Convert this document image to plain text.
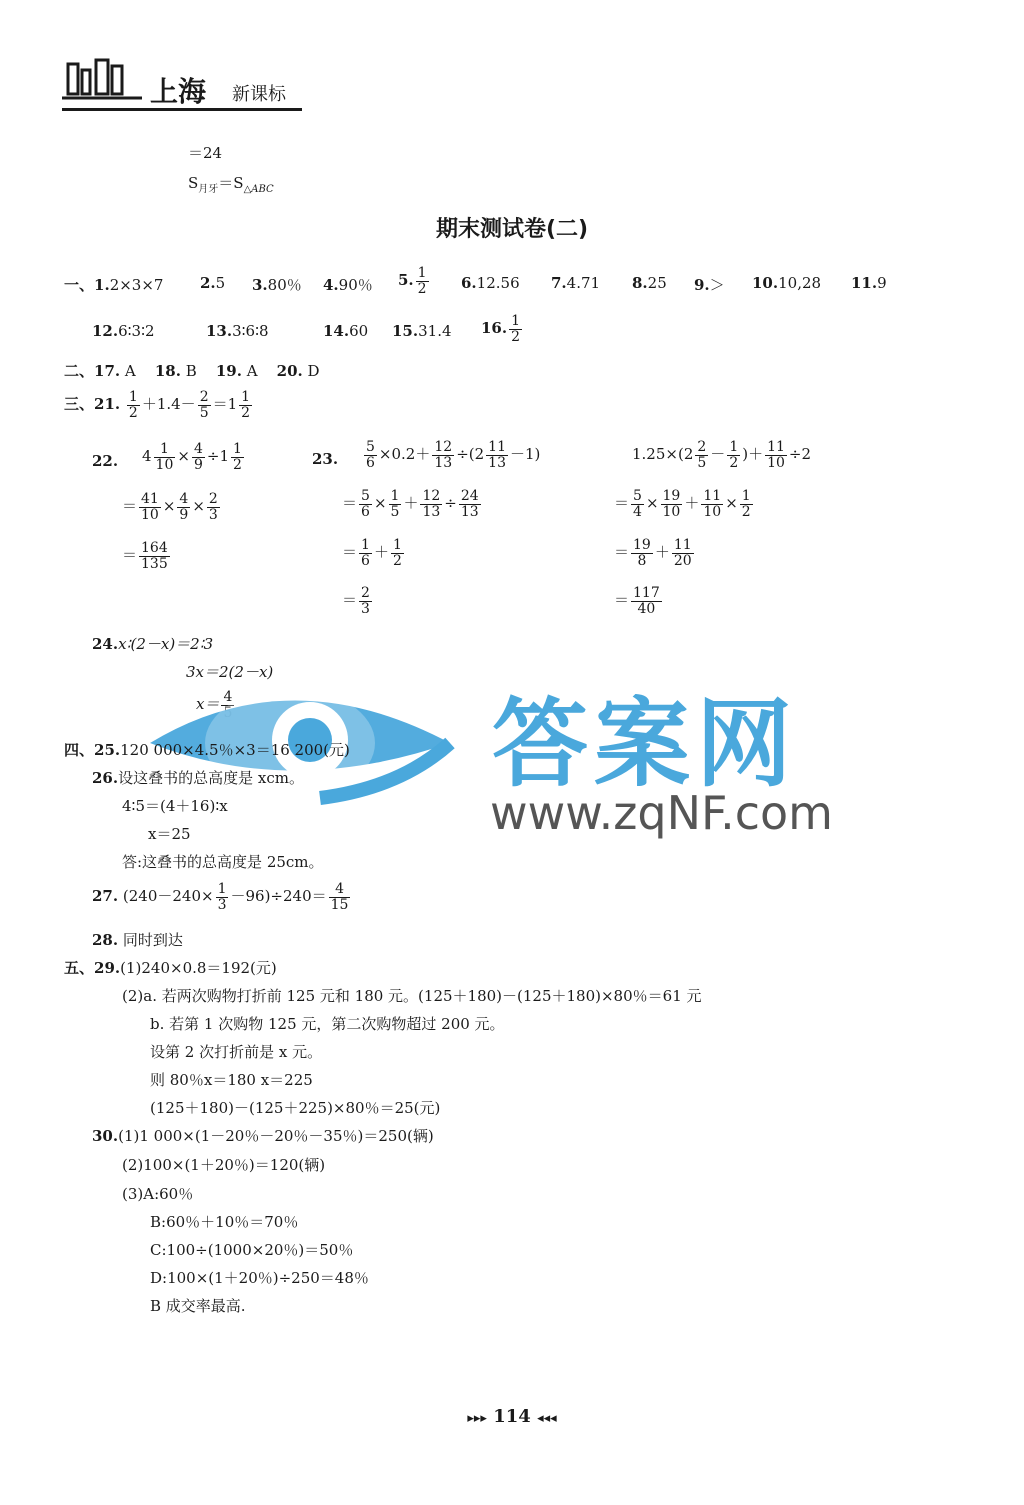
上海 新课标
＝24
$S_{月牙}=S_{\triangle ABC}$
期末测试卷(二)
一、1.2×3×7 2.5 3.80％ 4.90％ 5. $\frac{1}{2} 6.12.56$ 7.4.71 8.25 9.＞ 10.10,28 11.9
12.6∶3∶2	13.3∶6∶8	14.60 15.31.4 16. $\frac{1}{2}$
二、17. A 18. B 19. A 20. D
三、21. $\frac{1}{2} +1.4- \frac{2}{5} =1 \frac{1}{2}$
22. $4 \frac{1}{10} \times \frac{4}{9} \div 1 \frac{1}{2}$
＝ $\frac{41}{10} \times \frac{4}{9} \times \frac{2}{3}$
＝ $\frac{164}{135}$
23. $\frac{5}{6} \times 0.2+ \frac{12}{13} \div(2 \frac{11}{13} -1)$
＝ $\frac{5}{6} \times \frac{1}{5} + \frac{12}{13} \div \frac{24}{13}$
＝ $\frac{1}{6} + \frac{1}{2}$
＝ $\frac{2}{3}$
$1.25\times(2 \frac{2}{5} - \frac{1}{2}$ )＋ $\frac{11}{10} \div 2$
＝ $\frac{5}{4} \times \frac{19}{10} + \frac{11}{10} \times \frac{1}{2}$
＝ $\frac{19}{8} + \frac{11}{20}$
＝ $\frac{117}{40}$
24.x∶(2－x)＝2∶3
3x＝2(2－x)
x＝ 4	答案网
www.zqNF.com
四、25.120 000×4.5％×3＝16 200(元)
26.设这叠书的总高度是 xcm。
4∶5＝(4＋16)∶x
x＝25
答:这叠书的总高度是 25cm。
27. $(240-240\times \frac{1}{3} -96)\div 240= \frac{4}{15}$
28. 同时到达
五、29.(1)240×0.8＝192(元)
(2)a. 若两次购物打折前 125 元和 180 元。(125＋180)－(125＋180)×80％＝61 元
b. 若第 1 次购物 125 元，第二次购物超过 200 元。
设第 2 次打折前是 x 元。
则 80％x＝180 x＝225
(125＋180)－(125＋225)×80％＝25(元)
30.(1)1 000×(1－20％－20％－35％)＝250(辆)
(2)100×(1＋20％)＝120(辆)
(3)A:60％
B:60％＋10％＝70％
C:100÷(1000×20％)＝50％
D:100×(1＋20％)÷250＝48％
B 成交率最高.
▸▸▸ 114 ◂◂◂
